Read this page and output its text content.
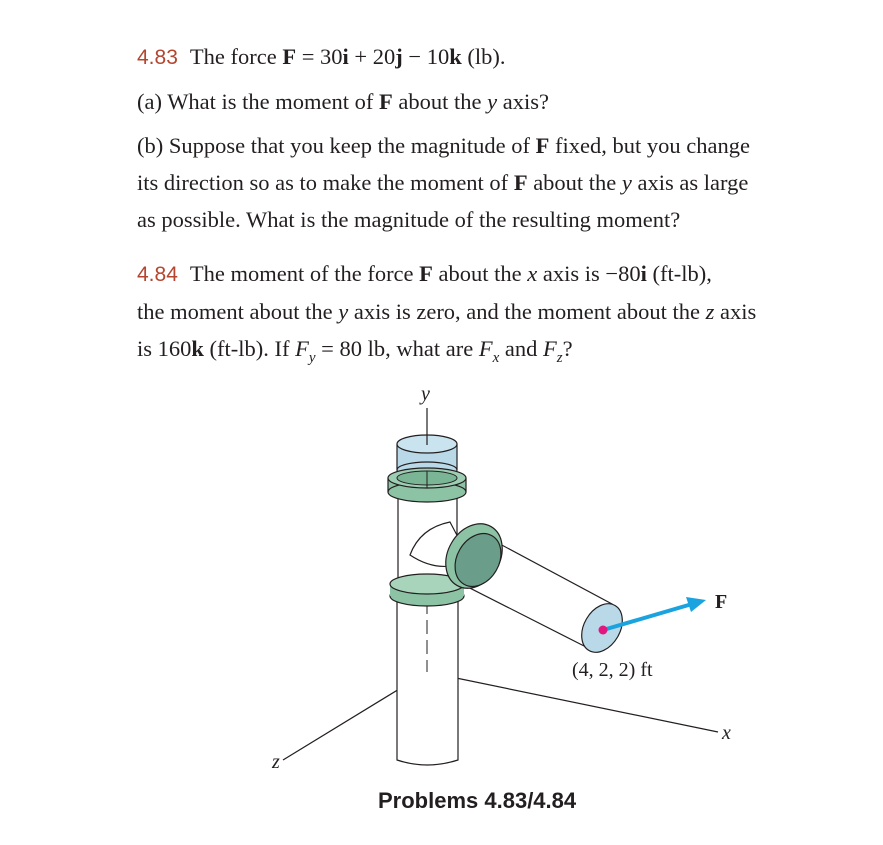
4.83 The force F = 30i + 20j − 10k (lb).
(a) What is the moment of F about the y axis?
(b) Suppose that you keep the magnitude of F fixed, but you change
its direction so as to make the moment of F about the y axis as large
as possible. What is the magnitude of the resulting moment?
4.84 The moment of the force F about the x axis is −80i (ft-lb),
the moment about the y axis is zero, and the moment about the z axis
is 160k (ft-lb). If $F_y = 80$ lb, what are $F_x$ and $F_z$?
y
x
z
F
(4, 2, 2) ft
Problems 4.83/4.84
